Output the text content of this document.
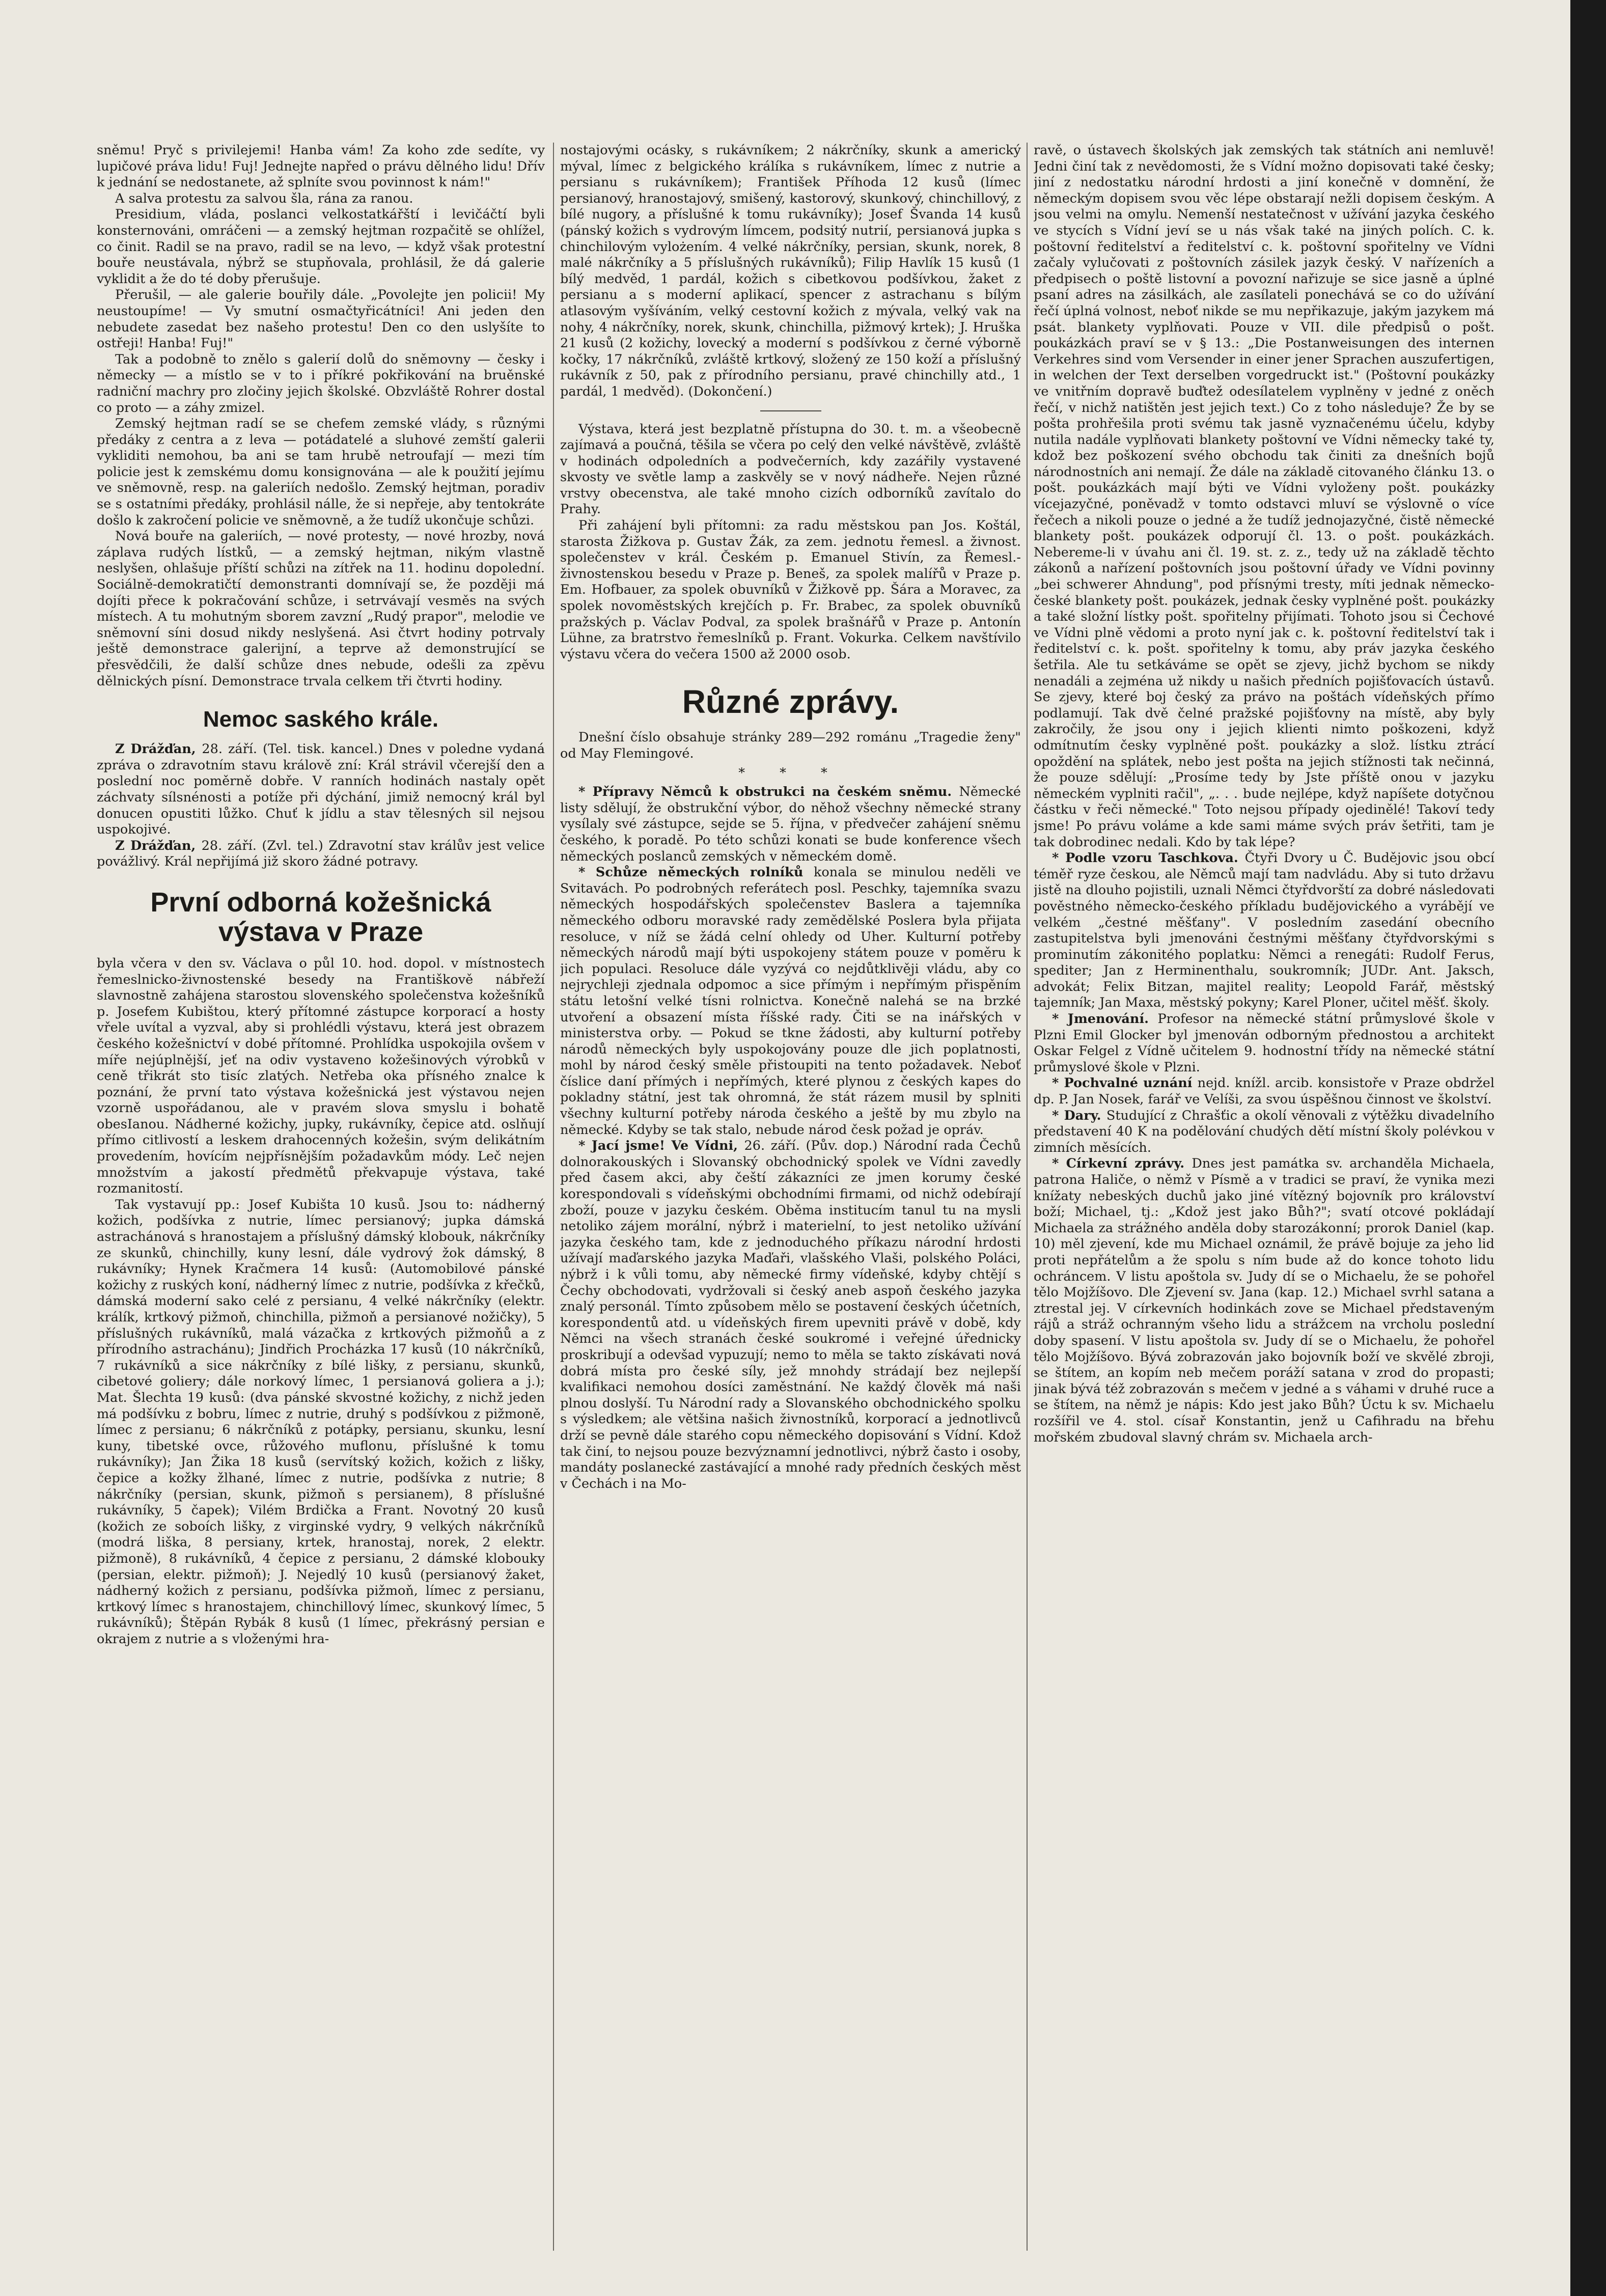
sněmu! Pryč s privilejemi! Hanba vám! Za koho zde sedíte, vy lupičové práva lidu! Fuj! Jednejte napřed o právu dělného lidu! Dřív k jednání se nedostanete, až splníte svou povinnost k nám!"

A salva protestu za salvou šla, rána za ranou.

Presidium, vláda, poslanci velkostatkářští i levičáčtí byli konsternováni, omráčeni — a zemský hejtman rozpačitě se ohlížel, co činit. Radil se na pravo, radil se na levo, — když však protestní bouře neustávala, nýbrž se stupňovala, prohlásil, že dá galerie vyklidit a že do té doby přerušuje.

Přerušil, — ale galerie bouřily dále. „Povolejte jen policii! My neustoupíme! — Vy smutní osmačtyřicátníci! Ani jeden den nebudete zasedat bez našeho protestu! Den co den uslyšíte to ostřeji! Hanba! Fuj!"

Tak a podobně to znělo s galerií dolů do sněmovny — česky i německy — a místlo se v to i příkré pokřikování na bruěnské radniční machry pro zločiny jejich školské. Obzvláště Rohrer dostal co proto — a záhy zmizel.

Zemský hejtman radí se se chefem zemské vlády, s různými předáky z centra a z leva — potádatelé a sluhové zemští galerii vykliditi nemohou, ba ani se tam hrubě netroufají — mezi tím policie jest k zemskému domu konsignována — ale k použití jejímu ve sněmovně, resp. na galeriích nedošlo. Zemský hejtman, poradiv se s ostatními předáky, prohlásil nálle, že si nepřeje, aby tentokráte došlo k zakročení policie ve sněmovně, a že tudíž ukončuje schůzi.

Nová bouře na galeriích, — nové protesty, — nové hrozby, nová záplava rudých lístků, — a zemský hejtman, nikým vlastně neslyšen, ohlašuje příští schůzi na zítřek na 11. hodinu dopolední. Sociálně-demokratičtí demonstranti domnívají se, že později má dojíti přece k pokračování schůze, i setrvávají vesměs na svých místech. A tu mohutným sborem zavzní „Rudý prapor", melodie ve sněmovní síni dosud nikdy neslyšená. Asi čtvrt hodiny potrvaly ještě demonstrace galerijní, a teprve až demonstrující se přesvědčili, že další schůze dnes nebude, odešli za zpěvu dělnických písní. Demonstrace trvala celkem tři čtvrti hodiny.

Nemoc saského krále.

Z Drážďan, 28. září. (Tel. tisk. kancel.) Dnes v poledne vydaná zpráva o zdravotním stavu králově zní: Král strávil včerejší den a poslední noc poměrně dobře. V ranních hodinách nastaly opět záchvaty sílsnénosti a potíže při dýchání, jimiž nemocný král byl donucen opustiti lůžko. Chuť k jídlu a stav tělesných sil nejsou uspokojivé.

Z Drážďan, 28. září. (Zvl. tel.) Zdravotní stav králův jest velice povážlivý. Král nepřijímá již skoro žádné potravy.

První odborná kožešnická výstava v Praze

byla včera v den sv. Václava o půl 10. hod. dopol. v místnostech řemeslnicko-živnostenské besedy na Františkově nábřeží slavnostně zahájena starostou slovenského společenstva kožešníků p. Josefem Kubištou, který přítomné zástupce korporací a hosty vřele uvítal a vyzval, aby si prohlédli výstavu, která jest obrazem českého kožešnictví v dobé přítomné. Prohlídka uspokojila ovšem v míře nejúplnější, jeť na odiv vystaveno kožešinových výrobků v ceně třikrát sto tisíc zlatých. Netřeba oka přísného znalce k poznání, že první tato výstava kožešnická jest výstavou nejen vzorně uspořádanou, ale v pravém slova smyslu i bohatě obesIanou. Nádherné kožichy, jupky, rukávníky, čepice atd. oslňují přímo citlivostí a leskem drahocenných kožešin, svým delikátním provedením, hovícím nejpřísnějším požadavkům módy. Leč nejen množstvím a jakostí předmětů překvapuje výstava, také rozmanitostí.

Tak vystavují pp.: Josef Kubišta 10 kusů. Jsou to: nádherný kožich, podšívka z nutrie, límec persianový; jupka dámská astrachánová s hranostajem a příslušný dámský klobouk, nákrčníky ze skunků, chinchilly, kuny lesní, dále vydrový žok dámský, 8 rukávníky; Hynek Kračmera 14 kusů: (Automobilové pánské kožichy z ruských koní, nádherný límec z nutrie, podšívka z křečků, dámská moderní sako celé z persianu, 4 velké nákrčníky (elektr. králík, krtkový pižmoň, chinchilla, pižmoň a persianové nožičky), 5 příslušných rukávníků, malá vázačka z krtkových pižmoňů a z přírodního astrachánu); Jindřich Procházka 17 kusů (10 nákrčníků, 7 rukávníků a sice nákrčníky z bílé lišky, z persianu, skunků, cibetové goliery; dále norkový límec, 1 persianová goliera a j.); Mat. Šlechta 19 kusů: (dva pánské skvostné kožichy, z nichž jeden má podšívku z bobru, límec z nutrie, druhý s podšívkou z pižmoně, límec z persianu; 6 nákrčníků z potápky, persianu, skunku, lesní kuny, tibetské ovce, růžového muflonu, příslušné k tomu rukávníky); Jan Žika 18 kusů (servítský kožich, kožich z lišky, čepice a kožky žlhané, límec z nutrie, podšívka z nutrie; 8 nákrčníky (persian, skunk, pižmoň s persianem), 8 příslušné rukávníky, 5 čapek); Vilém Brdička a Frant. Novotný 20 kusů (kožich ze soboích lišky, z virginské vydry, 9 velkých nákrčníků (modrá liška, 8 persiany, krtek, hranostaj, norek, 2 elektr. pižmoně), 8 rukávníků, 4 čepice z persianu, 2 dámské klobouky (persian, elektr. pižmoň); J. Nejedlý 10 kusů (persianový žaket, nádherný kožich z persianu, podšívka pižmoň, límec z persianu, krtkový límec s hranostajem, chinchillový límec, skunkový límec, 5 rukávníků); Štěpán Rybák 8 kusů (1 límec, překrásný persian e okrajem z nutrie a s vloženými hra-

nostajovými ocásky, s rukávníkem; 2 nákrčníky, skunk a americký mýval, límec z belgického králíka s rukávníkem, límec z nutrie a persianu s rukávníkem); František Příhoda 12 kusů (límec persianový, hranostajový, smišený, kastorový, skunkový, chinchillový, z bílé nugory, a příslušné k tomu rukávníky); Josef Švanda 14 kusů (pánský kožich s vydrovým límcem, podsitý nutrií, persianová jupka s chinchilovým vylożením. 4 velké nákrčníky, persian, skunk, norek, 8 malé nákrčníky a 5 příslušných rukávníků); Filip Havlík 15 kusů (1 bílý medvěd, 1 pardál, kožich s cibetkovou podšívkou, žaket z persianu a s moderní aplikací, spencer z astrachanu s bílým atlasovým vyšíváním, velký cestovní kožich z mývala, velký vak na nohy, 4 nákrčníky, norek, skunk, chinchilla, pižmový krtek); J. Hruška 21 kusů (2 kožichy, lovecký a moderní s podšívkou z černé výborně kočky, 17 nákrčníků, zvláště krtkový, složený ze 150 koží a příslušný rukávník z 50, pak z přírodního persianu, pravé chinchilly atd., 1 pardál, 1 medvěd). (Dokončení.)

Výstava, která jest bezplatně přístupna do 30. t. m. a všeobecně zajímavá a poučná, těšila se včera po celý den velké návštěvě, zvláště v hodinách odpoledních a podvečerních, kdy zazářily vystavené skvosty ve světle lamp a zaskvěly se v nový nádheře. Nejen různé vrstvy obecenstva, ale také mnoho cizích odborníků zavítalo do Prahy.

Při zahájení byli přítomni: za radu městskou pan Jos. Koštál, starosta Žižkova p. Gustav Žák, za zem. jednotu řemesl. a živnost. společenstev v král. Českém p. Emanuel Stivín, za Řemesl.-živnostenskou besedu v Praze p. Beneš, za spolek malířů v Praze p. Em. Hofbauer, za spolek obuvníků v Žižkově pp. Šára a Moravec, za spolek novoměstských krejčích p. Fr. Brabec, za spolek obuvníků pražských p. Václav Podval, za spolek brašnářů v Praze p. Antonín Lühne, za bratrstvo řemeslníků p. Frant. Vokurka. Celkem navštívilo výstavu včera do večera 1500 až 2000 osob.

Různé zprávy.

Dnešní číslo obsahuje stránky 289—292 románu „Tragedie ženy" od May Flemingové.

* * *

* Přípravy Němců k obstrukci na českém sněmu. Německé listy sdělují, že obstrukční výbor, do něhož všechny německé strany vysílaly své zástupce, sejde se 5. října, v předvečer zahájení sněmu českého, k poradě. Po této schůzi konati se bude konference všech německých poslanců zemských v německém domě.

* Schůze německých rolníků konala se minulou neděli ve Svitavách. Po podrobných referátech posl. Peschky, tajemníka svazu německých hospodářských společenstev Baslera a tajemníka německého odboru moravské rady zemědělské Poslera byla přijata resoluce, v níž se žádá celní ohledy od Uher. Kulturní potřeby německých národů mají býti uspokojeny státem pouze v poměru k jich populaci. Resoluce dále vyzývá co nejdůtklivěji vládu, aby co nejrychleji zjednala odpomoc a sice přímým i nepřímým přispěním státu letošní velké tísni rolnictva. Konečně nalehá se na brzké utvoření a obsazení místa říšské rady. Čiti se na inářských v ministerstva orby. — Pokud se tkne žádosti, aby kulturní potřeby národů německých byly uspokojovány pouze dle jich poplatnosti, mohl by národ český směle přistoupiti na tento požadavek. Neboť číslice daní přímých i nepřímých, které plynou z českých kapes do pokladny státní, jest tak ohromná, že stát rázem musil by splniti všechny kulturní potřeby národa českého a ještě by mu zbylo na německé. Kdyby se tak stalo, nebude národ česk požad je opráv.

* Jací jsme! Ve Vídni, 26. září. (Pův. dop.) Národní rada Čechů dolnorakouských i Slovanský obchodnický spolek ve Vídni zavedly před časem akci, aby čeští zákazníci ze jmen korumy české korespondovali s vídeňskými obchodními firmami, od nichž odebírají zboží, pouze v jazyku českém. Oběma institucím tanul tu na mysli netoliko zájem morální, nýbrž i materielní, to jest netoliko užívání jazyka českého tam, kde z jednoduchého příkazu národní hrdosti užívají maďarského jazyka Maďaři, vlašského Vlaši, polského Poláci, nýbrž i k vůli tomu, aby německé firmy vídeňské, kdyby chtějí s Čechy obchodovati, vydržovali si český aneb aspoň českého jazyka znalý personál. Tímto způsobem mělo se postavení českých účetních, korespondentů atd. u vídeňských firem upevniti právě v době, kdy Němci na všech stranách české soukromé i veřejné úřednicky proskribují a odevšad vypuzují; nemo to měla se takto získávati nová dobrá místa pro české síly, jež mnohdy strádají bez nejlepší kvalifikaci nemohou dosíci zaměstnání. Ne každý člověk má naši plnou doslyší. Tu Národní rady a Slovanského obchodnického spolku s výsledkem; ale většina našich živnostníků, korporací a jednotlivců drží se pevně dále starého copu německého dopisování s Vídní. Kdož tak činí, to nejsou pouze bezvýznamní jednotlivci, nýbrž často i osoby, mandáty poslanecké zastávající a mnohé rady předních českých měst v Čechách i na Mo-

ravě, o ústavech školských jak zemských tak státních ani nemluvě! Jedni činí tak z nevědomosti, že s Vídní možno dopisovati také česky; jiní z nedostatku národní hrdosti a jiní konečně v domnění, že německým dopisem svou věc lépe obstarají nežli dopisem českým. A jsou velmi na omylu. Nemenší nestatečnost v užívání jazyka českého ve stycích s Vídní jeví se u nás však také na jiných polích. C. k. poštovní ředitelství a ředitelství c. k. poštovní spořitelny ve Vídni začaly vylučovati z poštovních zásilek jazyk český. V nařízeních a předpisech o poště listovní a povozní nařizuje se sice jasně a úplné psaní adres na zásilkách, ale zasílateli ponechává se co do užívání řečí úplná volnost, neboť nikde se mu nepřikazuje, jakým jazykem má psát. blankety vyplňovati. Pouze v VII. dile předpisů o pošt. poukázkách praví se v § 13.: „Die Postanweisungen des internen Verkehres sind vom Versender in einer jener Sprachen auszufertigen, in welchen der Text derselben vorgedruckt ist." (Poštovní poukázky ve vnitřním dopravě buďtež odesílatelem vyplněny v jedné z oněch řečí, v nichž natištěn jest jejich text.) Co z toho následuje? Že by se pošta prohřešila proti svému tak jasně vyznačenému účelu, kdyby nutila nadále vyplňovati blankety poštovní ve Vídni německy také ty, kdož bez poškození svého obchodu tak činiti za dnešních bojů národnostních ani nemají. Že dále na základě citovaného článku 13. o pošt. poukázkách mají býti ve Vídni vyloženy pošt. poukázky vícejazyčné, poněvadž v tomto odstavci mluví se výslovně o více řečech a nikoli pouze o jedné a že tudíž jednojazyčné, čistě německé blankety pošt. poukázek odporují čl. 13. o pošt. poukázkách. Nebereme-li v úvahu ani čl. 19. st. z. z., tedy už na základě těchto zákonů a nařízení poštovních jsou poštovní úřady ve Vídni povinny „bei schwerer Ahndung", pod přísnými tresty, míti jednak německo-české blankety pošt. poukázek, jednak česky vyplněné pošt. poukázky a také složní lístky pošt. spořitelny přijímati. Tohoto jsou si Čechové ve Vídni plně vědomi a proto nyní jak c. k. poštovní ředitelství tak i ředitelství c. k. pošt. spořitelny k tomu, aby práv jazyka českého šetřila. Ale tu setkáváme se opět se zjevy, jichž bychom se nikdy nenadáli a zejména už nikdy u našich předních pojišťovacích ústavů. Se zjevy, které boj český za právo na poštách vídeňských přímo podlamují. Tak dvě čelné pražské pojišťovny na místě, aby byly zakročily, že jsou ony i jejich klienti nimto poškozeni, když odmítnutím česky vyplněné pošt. poukázky a slož. lístku ztrácí opoždění na splátek, nebo jest pošta na jejich stížnosti tak nečinná, že pouze sdělují: „Prosíme tedy by Jste příště onou v jazyku německém vyplniti račil", „. . . bude nejlépe, když napíšete dotyčnou částku v řeči německé." Toto nejsou případy ojedinělé! Takoví tedy jsme! Po právu voláme a kde sami máme svých práv šetřiti, tam je tak dobrodinec nedali. Kdo by tak lépe?

* Podle vzoru Taschkova. Čtyři Dvory u Č. Budějovic jsou obcí téměř ryze českou, ale Němců mají tam nadvládu. Aby si tuto državu jistě na dlouho pojistili, uznali Němci čtyřdvorští za dobré následovati pověstného německo-českého příkladu budějovického a vyrábějí ve velkém „čestné měšťany". V posledním zasedání obecního zastupitelstva byli jmenováni čestnými měšťany čtyřdvorskými s prominutím zákonitého poplatku: Němci a renegáti: Rudolf Ferus, spediter; Jan z Herminenthalu, soukromník; JUDr. Ant. Jaksch, advokát; Felix Bitzan, majitel reality; Leopold Farář, městský tajemník; Jan Maxa, městský pokyny; Karel Ploner, učitel měšť. školy.

* Jmenování. Profesor na německé státní průmyslové škole v Plzni Emil Glocker byl jmenován odborným přednostou a architekt Oskar Felgel z Vídně učitelem 9. hodnostní třídy na německé státní průmyslové škole v Plzni.

* Pochvalné uznání nejd. knížl. arcib. konsistoře v Praze obdržel dp. P. Jan Nosek, farář ve Velíši, za svou úspěšnou činnost ve školství.

* Dary. Studující z Chrašťic a okolí věnovali z výtěžku divadelního představení 40 K na podělování chudých dětí místní školy polévkou v zimních měsících.

* Církevní zprávy. Dnes jest památka sv. archanděla Michaela, patrona Haliče, o němž v Písmě a v tradici se praví, že vynika mezi knížaty nebeských duchů jako jiné vítězný bojovník pro království boží; Michael, tj.: „Kdož jest jako Bůh?"; svatí otcové pokládají Michaela za strážného anděla doby starozákonní; prorok Daniel (kap. 10) měl zjevení, kde mu Michael oznámil, že právě bojuje za jeho lid proti nepřátelům a že spolu s ním bude až do konce tohoto lidu ochráncem. V listu apoštola sv. Judy dí se o Michaelu, že se pohořel tělo Mojžíšovo. Dle Zjevení sv. Jana (kap. 12.) Michael svrhl satana a ztrestal jej. V církevních hodinkách zove se Michael představeným rájů a stráž ochranným všeho lidu a strážcem na vrcholu poslední doby spasení. V listu apoštola sv. Judy dí se o Michaelu, že pohořel tělo Mojžíšovo. Bývá zobrazován jako bojovník boží ve skvělé zbroji, se štítem, an kopím neb mečem poráží satana v zrod do propasti; jinak bývá též zobrazován s mečem v jedné a s váhami v druhé ruce a se štítem, na němž je nápis: Kdo jest jako Bůh? Úctu k sv. Michaelu rozšířil ve 4. stol. císař Konstantin, jenž u Cafihradu na břehu mořském zbudoval slavný chrám sv. Michaela arch-
